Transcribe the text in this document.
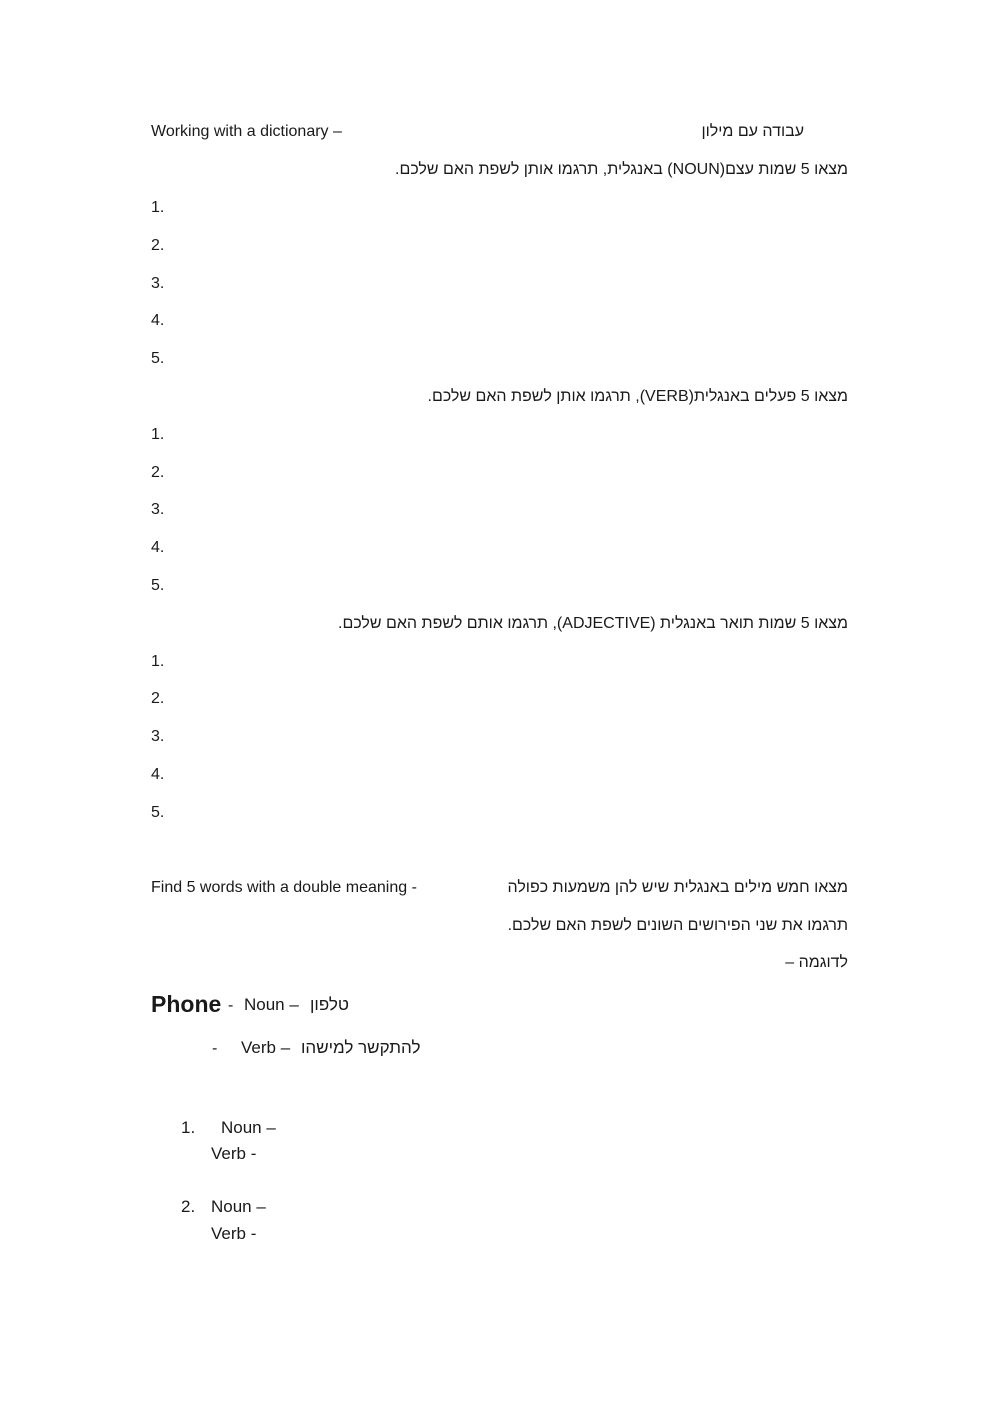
Working with a dictionary –	עבודה עם מילון
מצאו 5 שמות עצם(NOUN) באנגלית, תרגמו אותן לשפת האם שלכם.
1.
2.
3.
4.
5.
מצאו 5 פעלים באנגלית(VERB), תרגמו אותן לשפת האם שלכם.
1.
2.
3.
4.
5.
מצאו 5 שמות תואר באנגלית (ADJECTIVE), תרגמו אותם לשפת האם שלכם.
1.
2.
3.
4.
5.
Find 5 words with a double meaning -	מצאו חמש מילים באנגלית שיש להן משמעות כפולה
תרגמו את שני הפירושים השונים לשפת האם שלכם.
לדוגמה –
Phone - Noun – טלפון
- Verb – להתקשר למישהו
1. Noun –
Verb -
2. Noun –
Verb -
